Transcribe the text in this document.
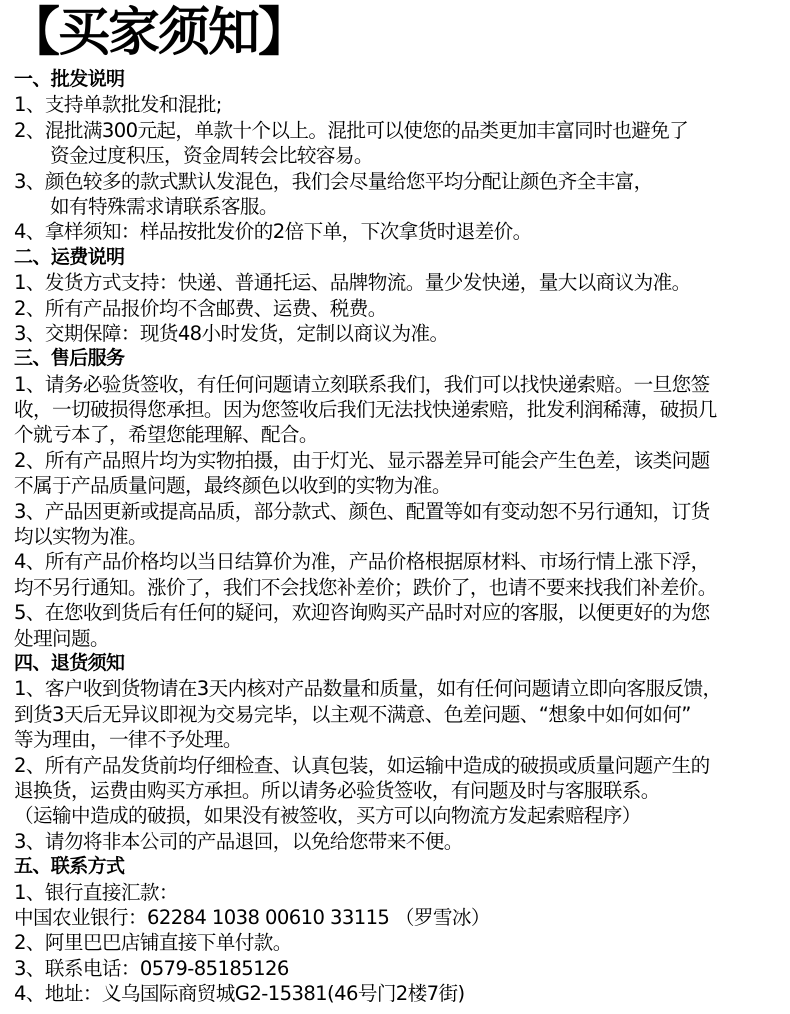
【买家须知】
一、批发说明
1、支持单款批发和混批;
2、混批满300元起，单款十个以上。混批可以使您的品类更加丰富同时也避免了
资金过度积压，资金周转会比较容易。
3、颜色较多的款式默认发混色，我们会尽量给您平均分配让颜色齐全丰富，
如有特殊需求请联系客服。
4、拿样须知：样品按批发价的2倍下单，下次拿货时退差价。
二、运费说明
1、发货方式支持：快递、普通托运、品牌物流。量少发快递，量大以商议为准。
2、所有产品报价均不含邮费、运费、税费。
3、交期保障：现货48小时发货，定制以商议为准。
三、售后服务
1、请务必验货签收，有任何问题请立刻联系我们，我们可以找快递索赔。一旦您签
收，一切破损得您承担。因为您签收后我们无法找快递索赔，批发利润稀薄，破损几
个就亏本了，希望您能理解、配合。
2、所有产品照片均为实物拍摄，由于灯光、显示器差异可能会产生色差，该类问题
不属于产品质量问题，最终颜色以收到的实物为准。
3、产品因更新或提高品质，部分款式、颜色、配置等如有变动恕不另行通知，订货
均以实物为准。
4、所有产品价格均以当日结算价为准，产品价格根据原材料、市场行情上涨下浮，
均不另行通知。涨价了，我们不会找您补差价；跌价了，也请不要来找我们补差价。
5、在您收到货后有任何的疑问，欢迎咨询购买产品时对应的客服，以便更好的为您
处理问题。
四、退货须知
1、客户收到货物请在3天内核对产品数量和质量，如有任何问题请立即向客服反馈，
到货3天后无异议即视为交易完毕，以主观不满意、色差问题、“想象中如何如何”
等为理由，一律不予处理。
2、所有产品发货前均仔细检查、认真包装，如运输中造成的破损或质量问题产生的
退换货，运费由购买方承担。所以请务必验货签收，有问题及时与客服联系。
（运输中造成的破损，如果没有被签收，买方可以向物流方发起索赔程序）
3、请勿将非本公司的产品退回，以免给您带来不便。
五、联系方式
1、银行直接汇款：
中国农业银行：62284 1038 00610 33115 （罗雪冰）
2、阿里巴巴店铺直接下单付款。
3、联系电话：0579-85185126
4、地址：义乌国际商贸城G2-15381(46号门2楼7街)
